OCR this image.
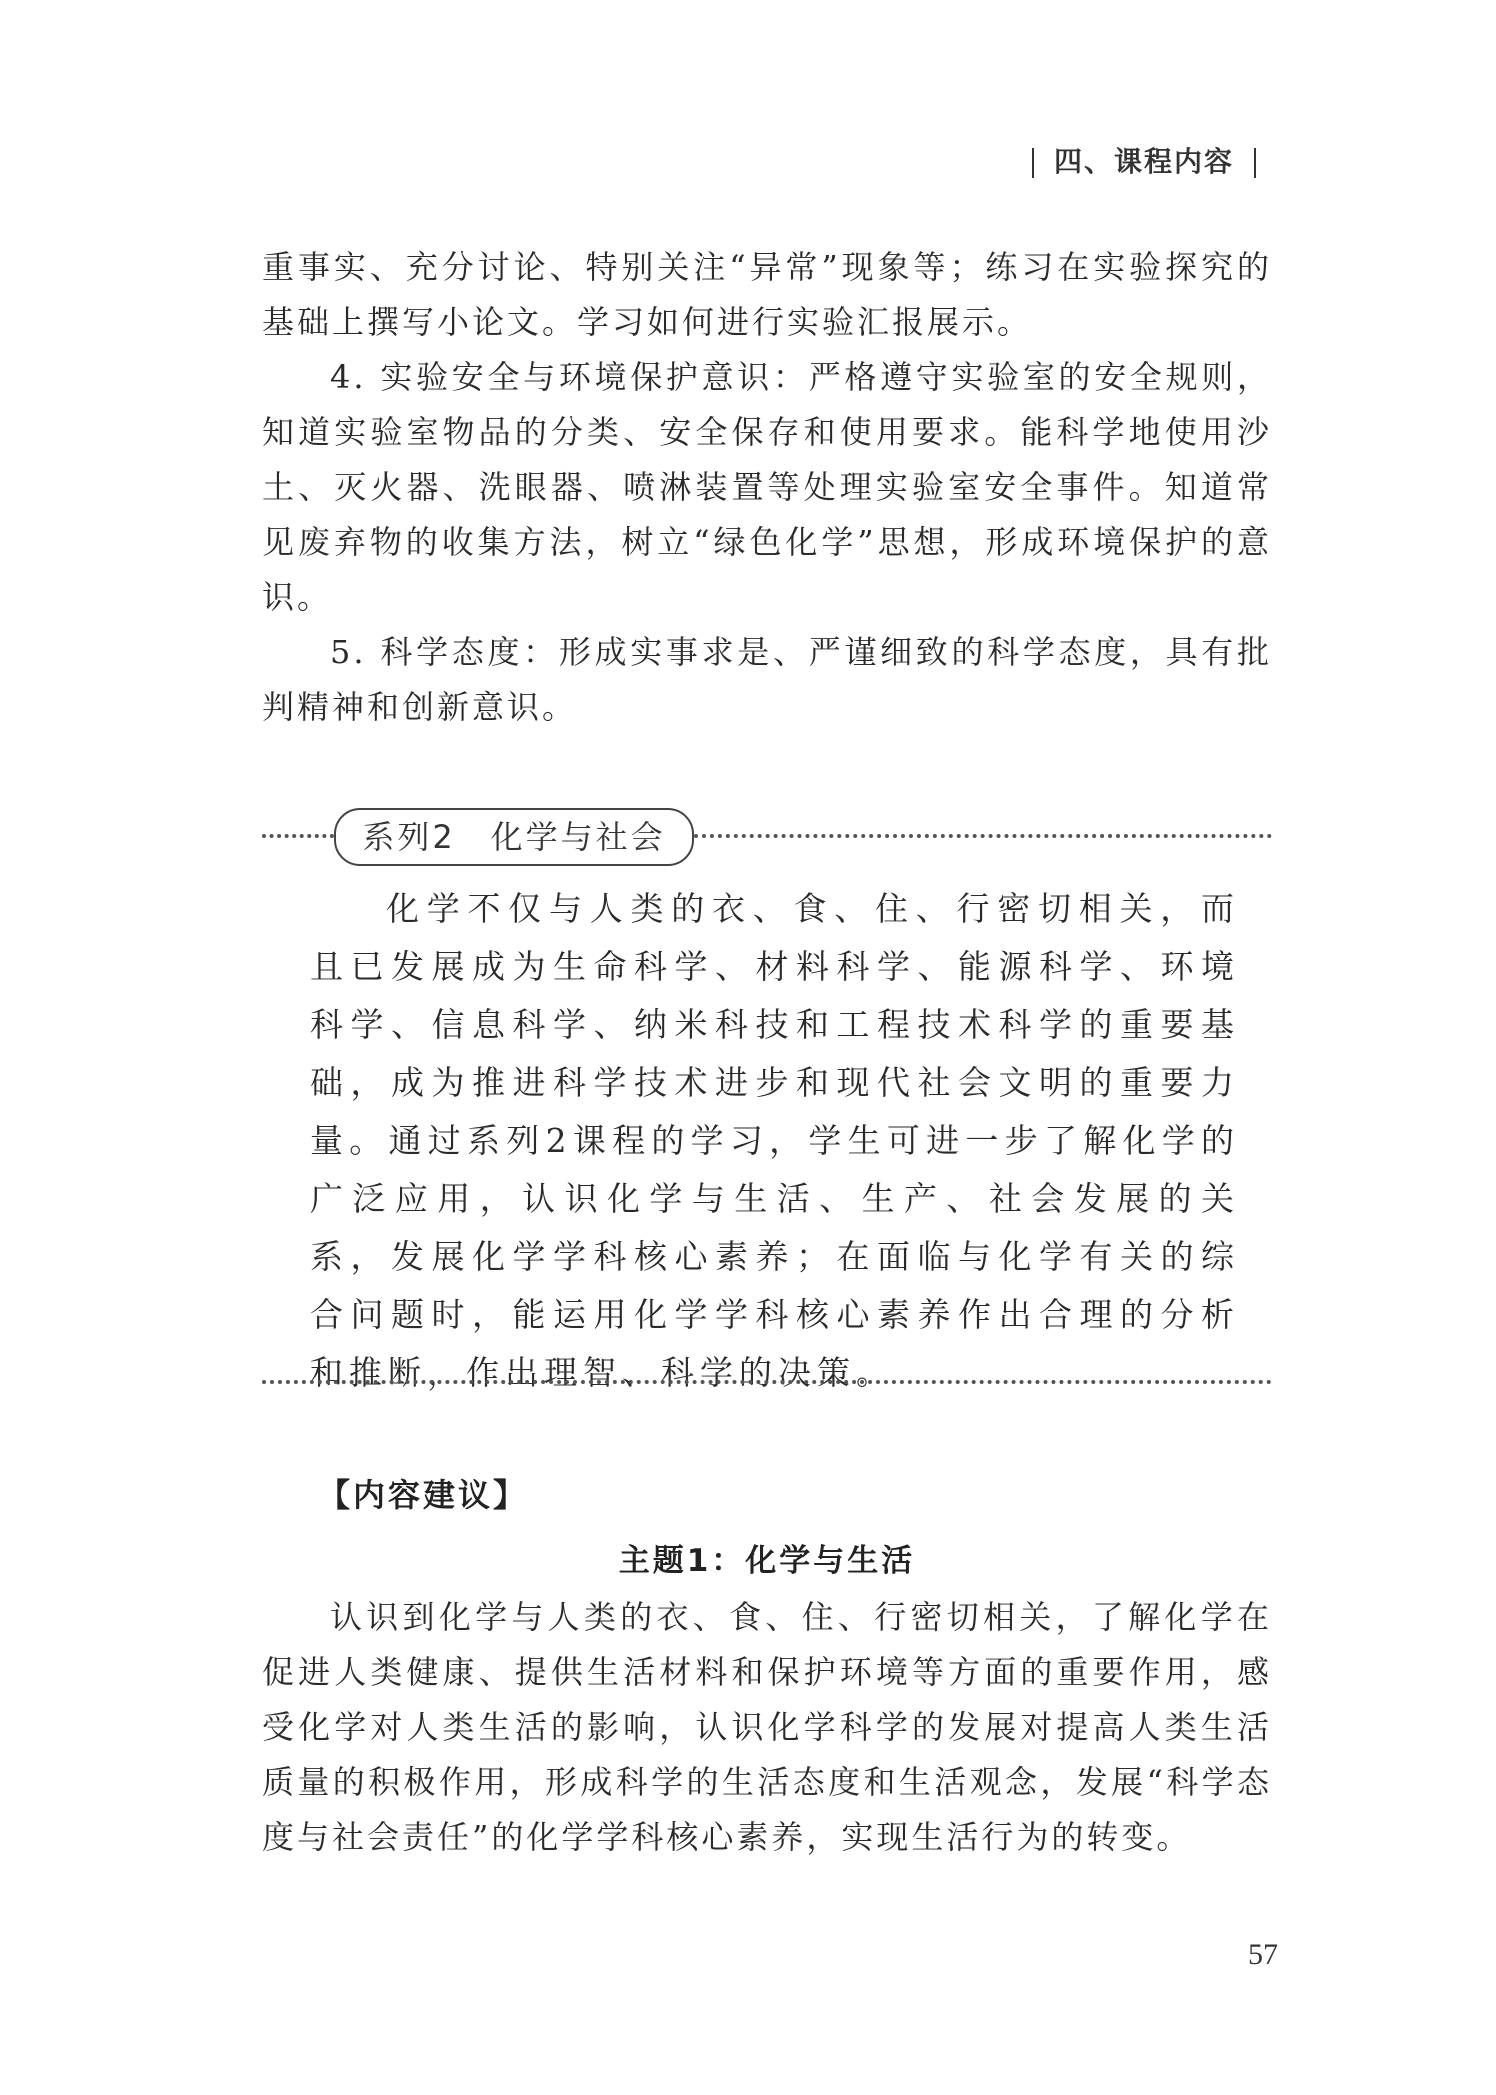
四、课程内容

重事实、充分讨论、特别关注“异常”现象等；练习在实验探究的基础上撰写小论文。学习如何进行实验汇报展示。

4. 实验安全与环境保护意识：严格遵守实验室的安全规则，知道实验室物品的分类、安全保存和使用要求。能科学地使用沙土、灭火器、洗眼器、喷淋装置等处理实验室安全事件。知道常见废弃物的收集方法，树立“绿色化学”思想，形成环境保护的意识。

5. 科学态度：形成实事求是、严谨细致的科学态度，具有批判精神和创新意识。

系列2　化学与社会

化学不仅与人类的衣、食、住、行密切相关，而且已发展成为生命科学、材料科学、能源科学、环境科学、信息科学、纳米科技和工程技术科学的重要基础，成为推进科学技术进步和现代社会文明的重要力量。通过系列2课程的学习，学生可进一步了解化学的广泛应用，认识化学与生活、生产、社会发展的关系，发展化学学科核心素养；在面临与化学有关的综合问题时，能运用化学学科核心素养作出合理的分析和推断，作出理智、科学的决策。

【内容建议】
主题1：化学与生活

认识到化学与人类的衣、食、住、行密切相关，了解化学在促进人类健康、提供生活材料和保护环境等方面的重要作用，感受化学对人类生活的影响，认识化学科学的发展对提高人类生活质量的积极作用，形成科学的生活态度和生活观念，发展“科学态度与社会责任”的化学学科核心素养，实现生活行为的转变。

57
